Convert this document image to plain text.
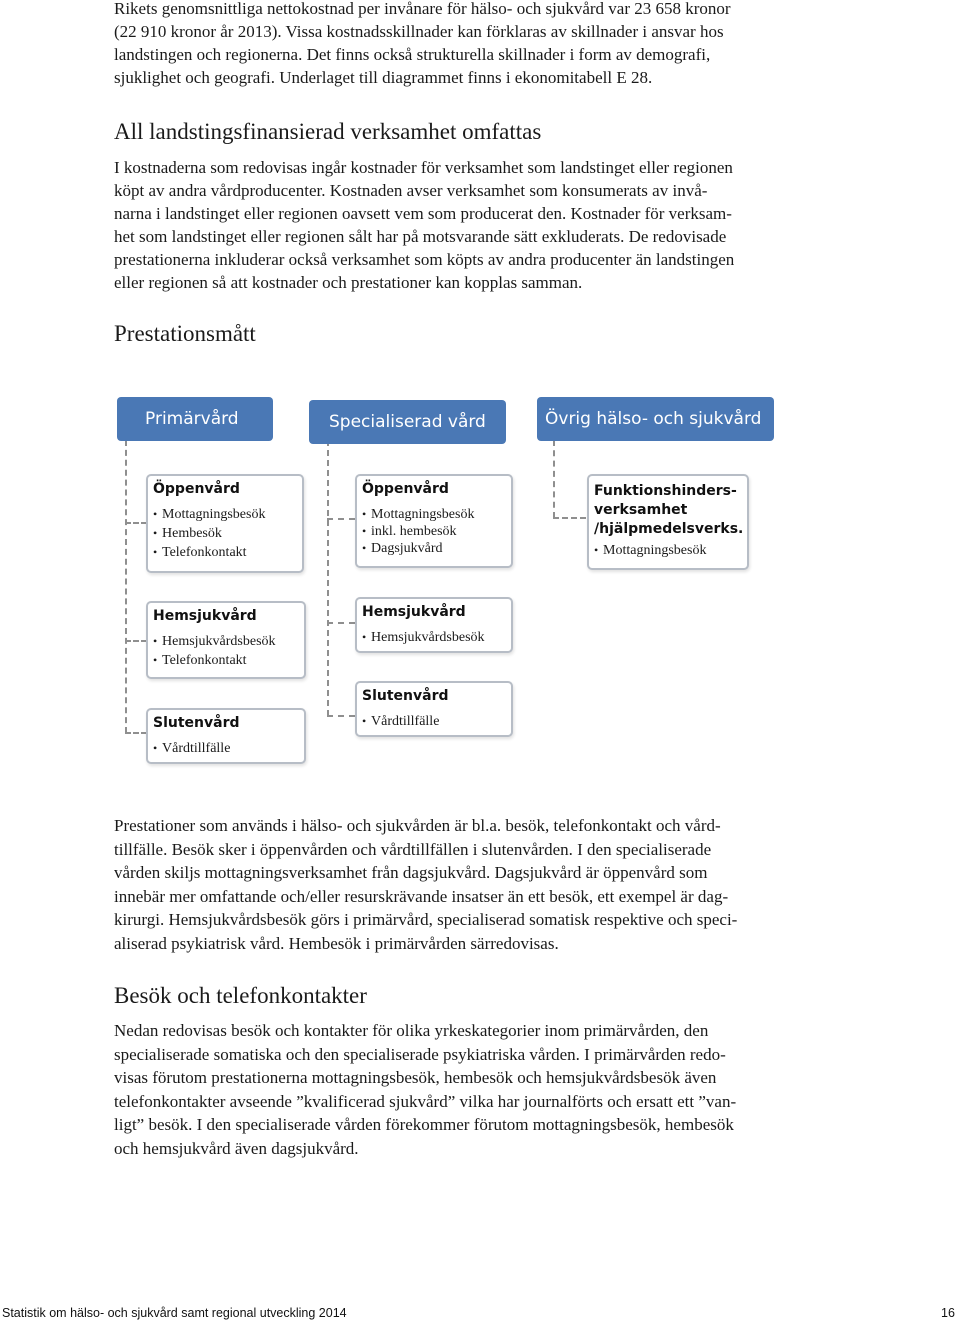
Rikets genomsnittliga nettokostnad per invånare för hälso- och sjukvård var 23 658 kronor
(22 910 kronor år 2013). Vissa kostnadsskillnader kan förklaras av skillnader i ansvar hos
landstingen och regionerna. Det finns också strukturella skillnader i form av demografi,
sjuklighet och geografi. Underlaget till diagrammet finns i ekonomitabell E 28.

All landstingsfinansierad verksamhet omfattas

I kostnaderna som redovisas ingår kostnader för verksamhet som landstinget eller regionen
köpt av andra vårdproducenter. Kostnaden avser verksamhet som konsumerats av invå-
narna i landstinget eller regionen oavsett vem som producerat den. Kostnader för verksam-
het som landstinget eller regionen sålt har på motsvarande sätt exkluderats. De redovisade
prestationerna inkluderar också verksamhet som köpts av andra producenter än landstingen
eller regionen så att kostnader och prestationer kan kopplas samman.

Prestationsmått
Primärvård	Specialiserad vård	Övrig hälso- och sjukvård

Öppenvård

• Mottagningsbesök
• Hembesök
• Telefonkontakt

Hemsjukvård

• Hemsjukvårdsbesök
• Telefonkontakt

Slutenvård

• Vårdtillfälle

Öppenvård

• Mottagningsbesök
• inkl. hembesök
• Dagsjukvård

Hemsjukvård

• Hemsjukvårdsbesök

Slutenvård

• Vårdtillfälle

Funktionshinders-
verksamhet
/hjälpmedelsverks.

• Mottagningsbesök

Prestationer som används i hälso- och sjukvården är bl.a. besök, telefonkontakt och vård-
tillfälle. Besök sker i öppenvården och vårdtillfällen i slutenvården. I den specialiserade
vården skiljs mottagningsverksamhet från dagsjukvård. Dagsjukvård är öppenvård som
innebär mer omfattande och/eller resurskrävande insatser än ett besök, ett exempel är dag-
kirurgi. Hemsjukvårdsbesök görs i primärvård, specialiserad somatisk respektive och speci-
aliserad psykiatrisk vård. Hembesök i primärvården särredovisas.

Besök och telefonkontakter

Nedan redovisas besök och kontakter för olika yrkeskategorier inom primärvården, den
specialiserade somatiska och den specialiserade psykiatriska vården. I primärvården redo-
visas förutom prestationerna mottagningsbesök, hembesök och hemsjukvårdsbesök även
telefonkontakter avseende ”kvalificerad sjukvård” vilka har journalförts och ersatt ett ”van-
ligt” besök. I den specialiserade vården förekommer förutom mottagningsbesök, hembesök
och hemsjukvård även dagsjukvård.

Statistik om hälso- och sjukvård samt regional utveckling 2014	16
